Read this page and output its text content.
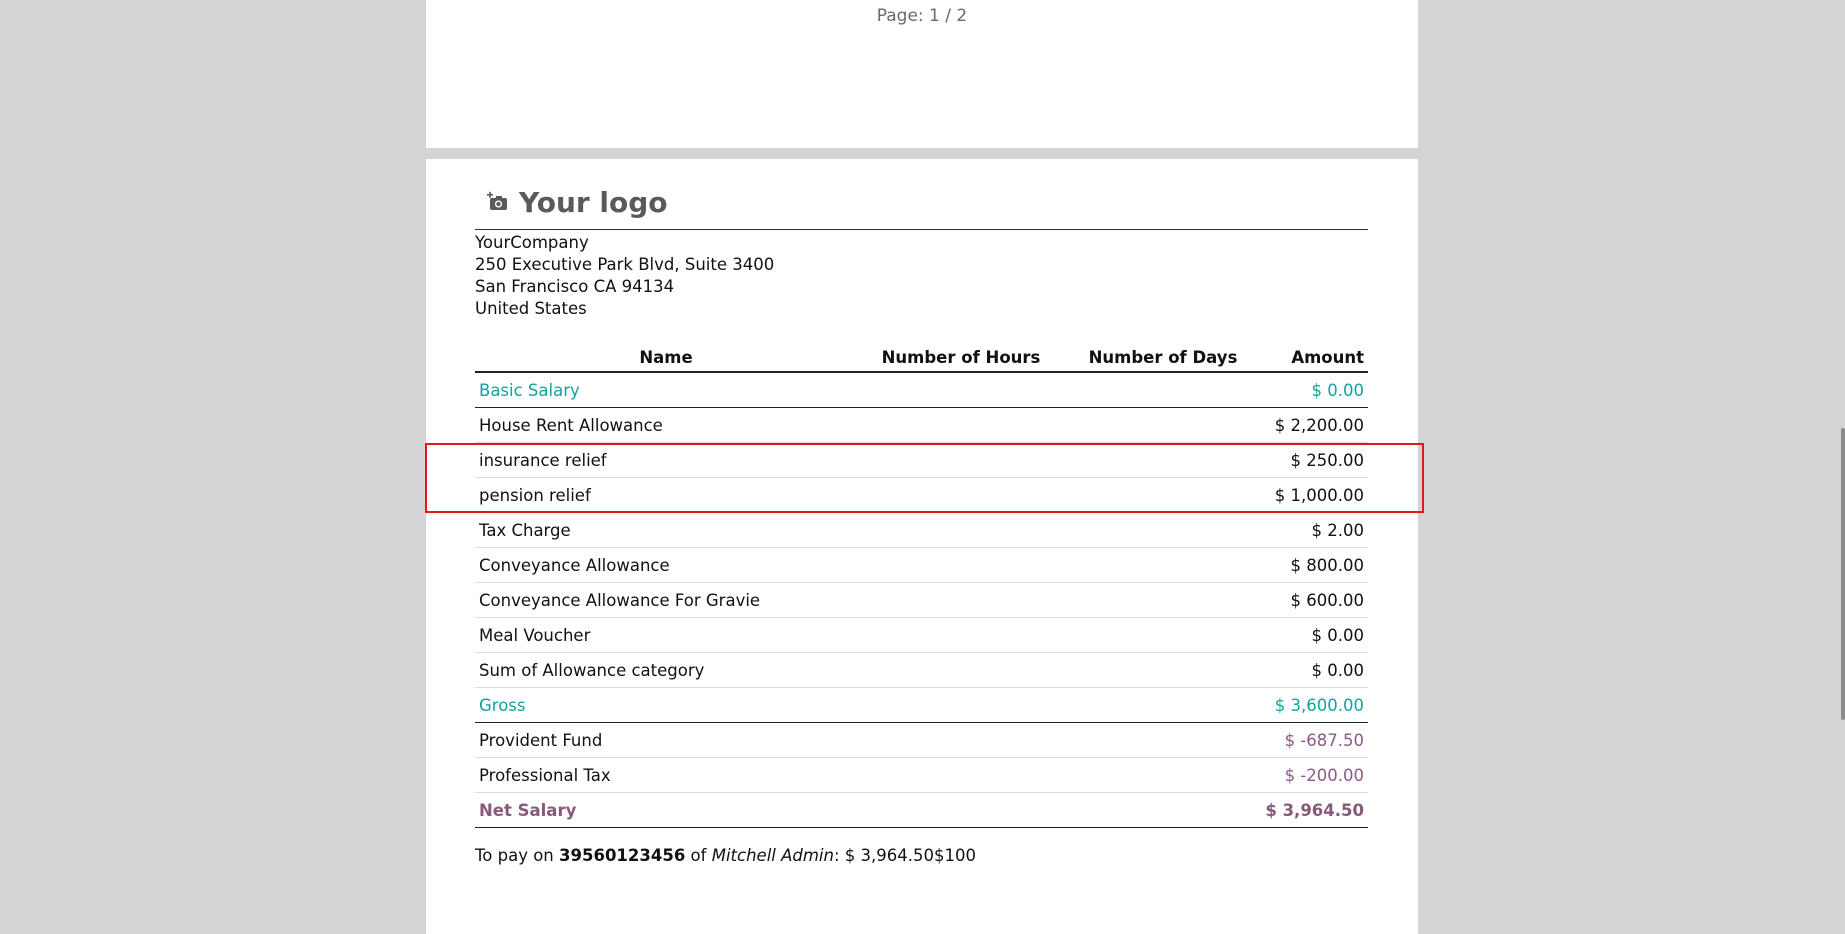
Page: 1 / 2
Your logo
YourCompany
250 Executive Park Blvd, Suite 3400
San Francisco CA 94134
United States
Name	Number of Hours	Number of Days	Amount
Basic Salary			$ 0.00
House Rent Allowance			$ 2,200.00
insurance relief			$ 250.00
pension relief			$ 1,000.00
Tax Charge			$ 2.00
Conveyance Allowance			$ 800.00
Conveyance Allowance For Gravie			$ 600.00
Meal Voucher			$ 0.00
Sum of Allowance category			$ 0.00
Gross			$ 3,600.00
Provident Fund			$ -687.50
Professional Tax			$ -200.00
Net Salary			$ 3,964.50
To pay on 39560123456 of Mitchell Admin: $ 3,964.50$100
